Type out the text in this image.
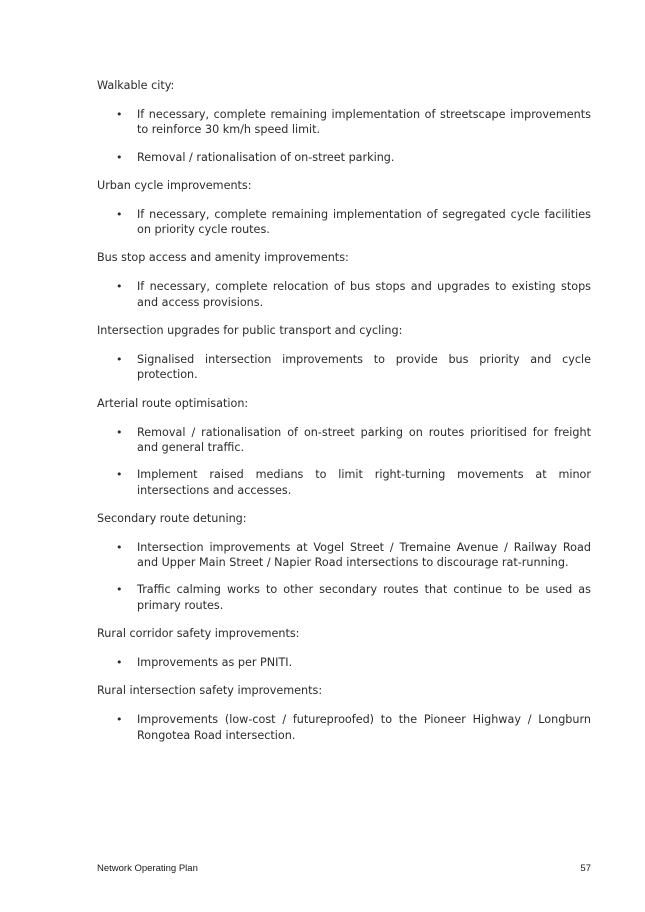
Walkable city:

• If necessary, complete remaining implementation of streetscape improvements to reinforce 30 km/h speed limit.
• Removal / rationalisation of on-street parking.

Urban cycle improvements:

• If necessary, complete remaining implementation of segregated cycle facilities on priority cycle routes.

Bus stop access and amenity improvements:

• If necessary, complete relocation of bus stops and upgrades to existing stops and access provisions.

Intersection upgrades for public transport and cycling:

• Signalised intersection improvements to provide bus priority and cycle protection.

Arterial route optimisation:

• Removal / rationalisation of on-street parking on routes prioritised for freight and general traffic.
• Implement raised medians to limit right-turning movements at minor intersections and accesses.

Secondary route detuning:

• Intersection improvements at Vogel Street / Tremaine Avenue / Railway Road and Upper Main Street / Napier Road intersections to discourage rat-running.
• Traffic calming works to other secondary routes that continue to be used as primary routes.

Rural corridor safety improvements:

• Improvements as per PNITI.

Rural intersection safety improvements:

• Improvements (low-cost / futureproofed) to the Pioneer Highway / Longburn Rongotea Road intersection.
Network Operating Plan	57
